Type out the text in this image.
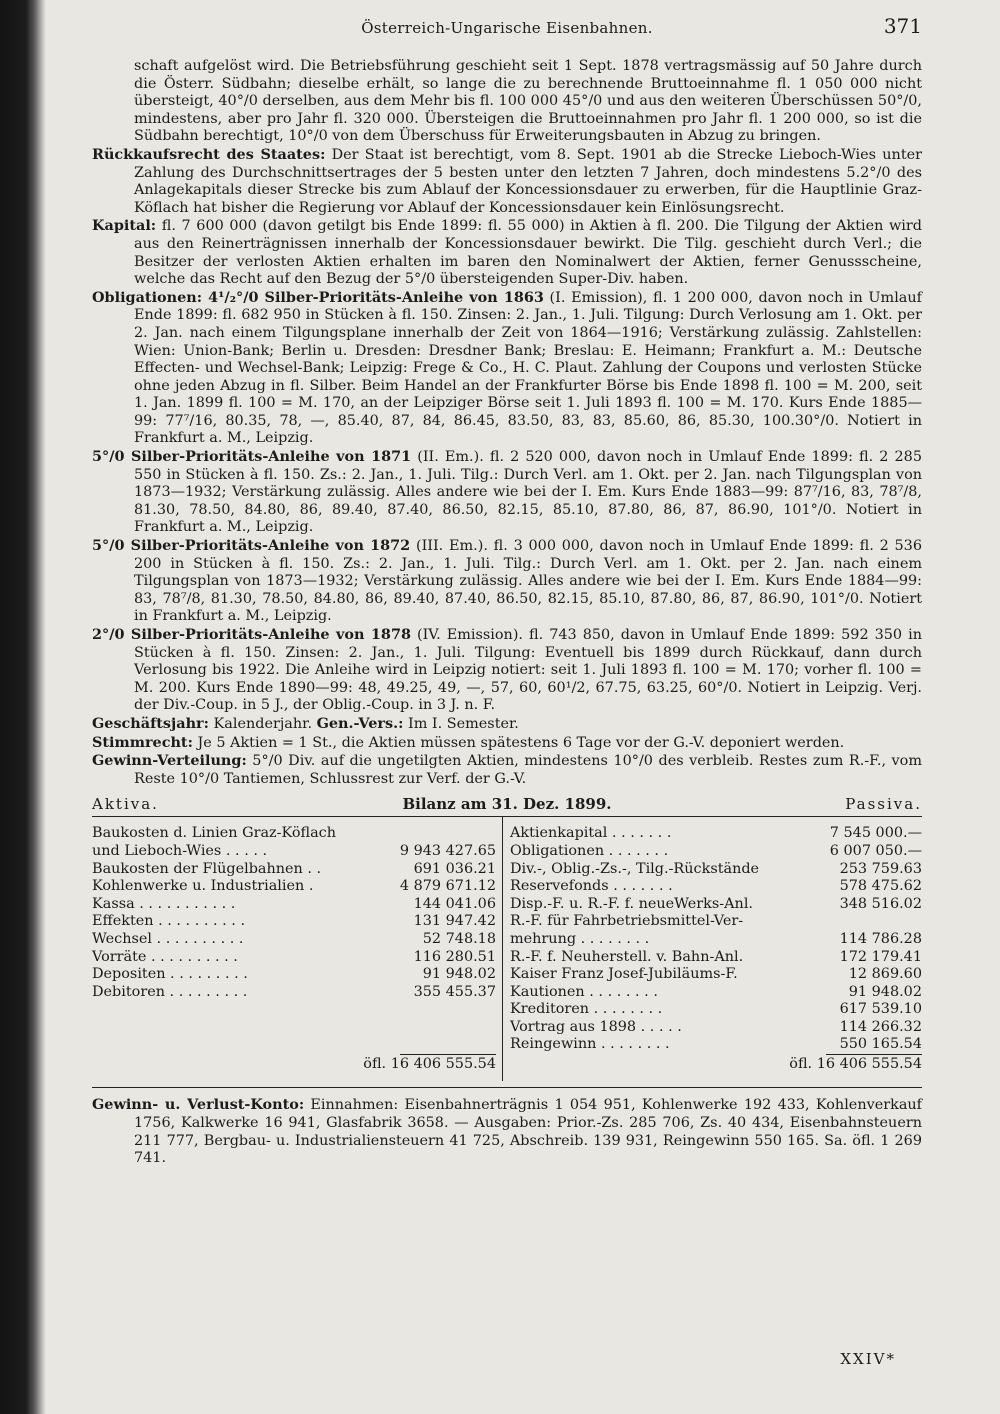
Österreich-Ungarische Eisenbahnen.	371

schaft aufgelöst wird. Die Betriebsführung geschieht seit 1 Sept. 1878 vertragsmässig auf 50 Jahre durch die Österr. Südbahn; dieselbe erhält, so lange die zu berechnende Bruttoeinnahme fl. 1 050 000 nicht übersteigt, 40°/0 derselben, aus dem Mehr bis fl. 100 000 45°/0 und aus den weiteren Überschüssen 50°/0, mindestens, aber pro Jahr fl. 320 000. Übersteigen die Bruttoeinnahmen pro Jahr fl. 1 200 000, so ist die Südbahn berechtigt, 10°/0 von dem Überschuss für Erweiterungsbauten in Abzug zu bringen.

Rückkaufsrecht des Staates: Der Staat ist berechtigt, vom 8. Sept. 1901 ab die Strecke Lieboch-Wies unter Zahlung des Durchschnittsertrages der 5 besten unter den letzten 7 Jahren, doch mindestens 5.2°/0 des Anlagekapitals dieser Strecke bis zum Ablauf der Koncessionsdauer zu erwerben, für die Hauptlinie Graz-Köflach hat bisher die Regierung vor Ablauf der Koncessionsdauer kein Einlösungsrecht.

Kapital: fl. 7 600 000 (davon getilgt bis Ende 1899: fl. 55 000) in Aktien à fl. 200. Die Tilgung der Aktien wird aus den Reinerträgnissen innerhalb der Koncessionsdauer bewirkt. Die Tilg. geschieht durch Verl.; die Besitzer der verlosten Aktien erhalten im baren den Nominalwert der Aktien, ferner Genussscheine, welche das Recht auf den Bezug der 5°/0 übersteigenden Super-Div. haben.

Obligationen: 4¹/₂°/0 Silber-Prioritäts-Anleihe von 1863 (I. Emission), fl. 1 200 000, davon noch in Umlauf Ende 1899: fl. 682 950 in Stücken à fl. 150. Zinsen: 2. Jan., 1. Juli. Tilgung: Durch Verlosung am 1. Okt. per 2. Jan. nach einem Tilgungsplane innerhalb der Zeit von 1864—1916; Verstärkung zulässig. Zahlstellen: Wien: Union-Bank; Berlin u. Dresden: Dresdner Bank; Breslau: E. Heimann; Frankfurt a. M.: Deutsche Effecten- und Wechsel-Bank; Leipzig: Frege & Co., H. C. Plaut. Zahlung der Coupons und verlosten Stücke ohne jeden Abzug in fl. Silber. Beim Handel an der Frankfurter Börse bis Ende 1898 fl. 100 = M. 200, seit 1. Jan. 1899 fl. 100 = M. 170, an der Leipziger Börse seit 1. Juli 1893 fl. 100 = M. 170. Kurs Ende 1885—99: 77⁷/16, 80.35, 78, —, 85.40, 87, 84, 86.45, 83.50, 83, 83, 85.60, 86, 85.30, 100.30°/0. Notiert in Frankfurt a. M., Leipzig.

5°/0 Silber-Prioritäts-Anleihe von 1871 (II. Em.). fl. 2 520 000, davon noch in Umlauf Ende 1899: fl. 2 285 550 in Stücken à fl. 150. Zs.: 2. Jan., 1. Juli. Tilg.: Durch Verl. am 1. Okt. per 2. Jan. nach Tilgungsplan von 1873—1932; Verstärkung zulässig. Alles andere wie bei der I. Em. Kurs Ende 1883—99: 87⁷/16, 83, 78⁷/8, 81.30, 78.50, 84.80, 86, 89.40, 87.40, 86.50, 82.15, 85.10, 87.80, 86, 87, 86.90, 101°/0. Notiert in Frankfurt a. M., Leipzig.

5°/0 Silber-Prioritäts-Anleihe von 1872 (III. Em.). fl. 3 000 000, davon noch in Umlauf Ende 1899: fl. 2 536 200 in Stücken à fl. 150. Zs.: 2. Jan., 1. Juli. Tilg.: Durch Verl. am 1. Okt. per 2. Jan. nach einem Tilgungsplan von 1873—1932; Verstärkung zulässig. Alles andere wie bei der I. Em. Kurs Ende 1884—99: 83, 78⁷/8, 81.30, 78.50, 84.80, 86, 89.40, 87.40, 86.50, 82.15, 85.10, 87.80, 86, 87, 86.90, 101°/0. Notiert in Frankfurt a. M., Leipzig.

2°/0 Silber-Prioritäts-Anleihe von 1878 (IV. Emission). fl. 743 850, davon in Umlauf Ende 1899: 592 350 in Stücken à fl. 150. Zinsen: 2. Jan., 1. Juli. Tilgung: Eventuell bis 1899 durch Rückkauf, dann durch Verlosung bis 1922. Die Anleihe wird in Leipzig notiert: seit 1. Juli 1893 fl. 100 = M. 170; vorher fl. 100 = M. 200. Kurs Ende 1890—99: 48, 49.25, 49, —, 57, 60, 60¹/2, 67.75, 63.25, 60°/0. Notiert in Leipzig. Verj. der Div.-Coup. in 5 J., der Oblig.-Coup. in 3 J. n. F.

Geschäftsjahr: Kalenderjahr. Gen.-Vers.: Im I. Semester.

Stimmrecht: Je 5 Aktien = 1 St., die Aktien müssen spätestens 6 Tage vor der G.-V. deponiert werden.

Gewinn-Verteilung: 5°/0 Div. auf die ungetilgten Aktien, mindestens 10°/0 des verbleib. Restes zum R.-F., vom Reste 10°/0 Tantiemen, Schlussrest zur Verf. der G.-V.

Aktiva.	Bilanz am 31. Dez. 1899.	Passiva.
Baukosten d. Linien Graz-Köflach
und Lieboch-Wies . . . . .	9 943 427.65
Baukosten der Flügelbahnen . .	691 036.21
Kohlenwerke u. Industrialien .	4 879 671.12
Kassa . . . . . . . . . . .	144 041.06
Effekten . . . . . . . . . .	131 947.42
Wechsel . . . . . . . . . .	52 748.18
Vorräte . . . . . . . . . .	116 280.51
Depositen . . . . . . . . .	91 948.02
Debitoren . . . . . . . . .	355 455.37
öfl. 16 406 555.54
Aktienkapital . . . . . . .	7 545 000.—
Obligationen . . . . . . .	6 007 050.—
Div.-, Oblig.-Zs.-, Tilg.-Rückstände	253 759.63
Reservefonds . . . . . . .	578 475.62
Disp.-F. u. R.-F. f. neueWerks-Anl.	348 516.02
R.-F. für Fahrbetriebsmittel-Ver-
mehrung . . . . . . . .	114 786.28
R.-F. f. Neuherstell. v. Bahn-Anl.	172 179.41
Kaiser Franz Josef-Jubiläums-F.	12 869.60
Kautionen . . . . . . . .	91 948.02
Kreditoren . . . . . . . .	617 539.10
Vortrag aus 1898 . . . . .	114 266.32
Reingewinn . . . . . . . .	550 165.54
öfl. 16 406 555.54

Gewinn- u. Verlust-Konto: Einnahmen: Eisenbahnerträgnis 1 054 951, Kohlenwerke 192 433, Kohlenverkauf 1756, Kalkwerke 16 941, Glasfabrik 3658. — Ausgaben: Prior.-Zs. 285 706, Zs. 40 434, Eisenbahnsteuern 211 777, Bergbau- u. Industrialiensteuern 41 725, Abschreib. 139 931, Reingewinn 550 165. Sa. öfl. 1 269 741.

XXIV*
